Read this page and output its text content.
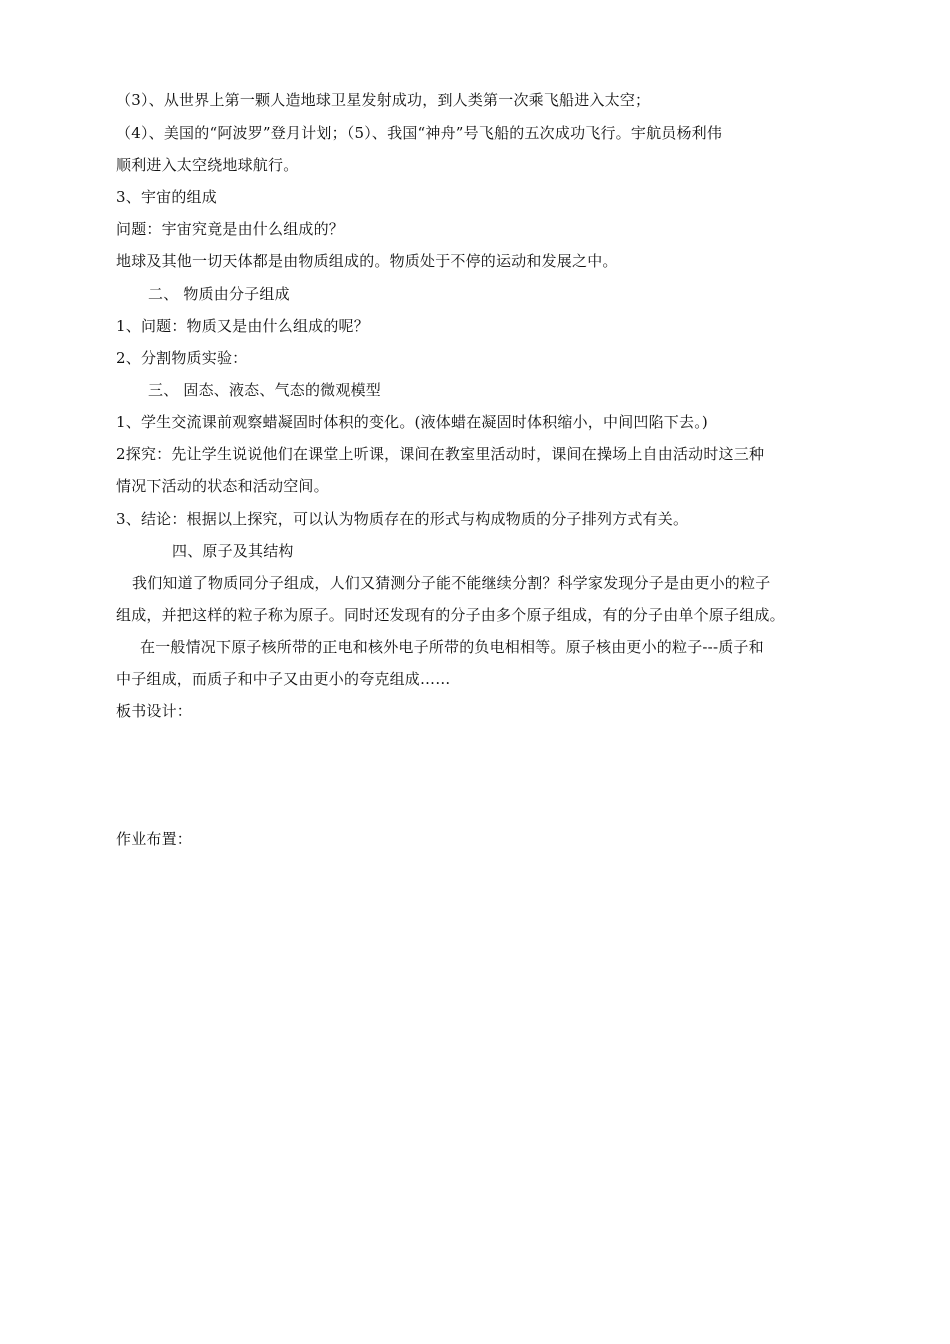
（3）、从世界上第一颗人造地球卫星发射成功，到人类第一次乘飞船进入太空；
（4）、美国的“阿波罗”登月计划；（5）、我国“神舟”号飞船的五次成功飞行。宇航员杨利伟
顺利进入太空绕地球航行。
3、宇宙的组成
问题：宇宙究竟是由什么组成的？
地球及其他一切天体都是由物质组成的。物质处于不停的运动和发展之中。
二、 物质由分子组成
1、问题：物质又是由什么组成的呢？
2、分割物质实验：
三、 固态、液态、气态的微观模型
1、学生交流课前观察蜡凝固时体积的变化。(液体蜡在凝固时体积缩小，中间凹陷下去。)
2探究：先让学生说说他们在课堂上听课，课间在教室里活动时，课间在操场上自由活动时这三种
情况下活动的状态和活动空间。
3、结论：根据以上探究，可以认为物质存在的形式与构成物质的分子排列方式有关。
四、原子及其结构
我们知道了物质同分子组成，人们又猜测分子能不能继续分割？科学家发现分子是由更小的粒子
组成，并把这样的粒子称为原子。同时还发现有的分子由多个原子组成，有的分子由单个原子组成。
在一般情况下原子核所带的正电和核外电子所带的负电相相等。原子核由更小的粒子---质子和
中子组成，而质子和中子又由更小的夸克组成……
板书设计：
作业布置：
